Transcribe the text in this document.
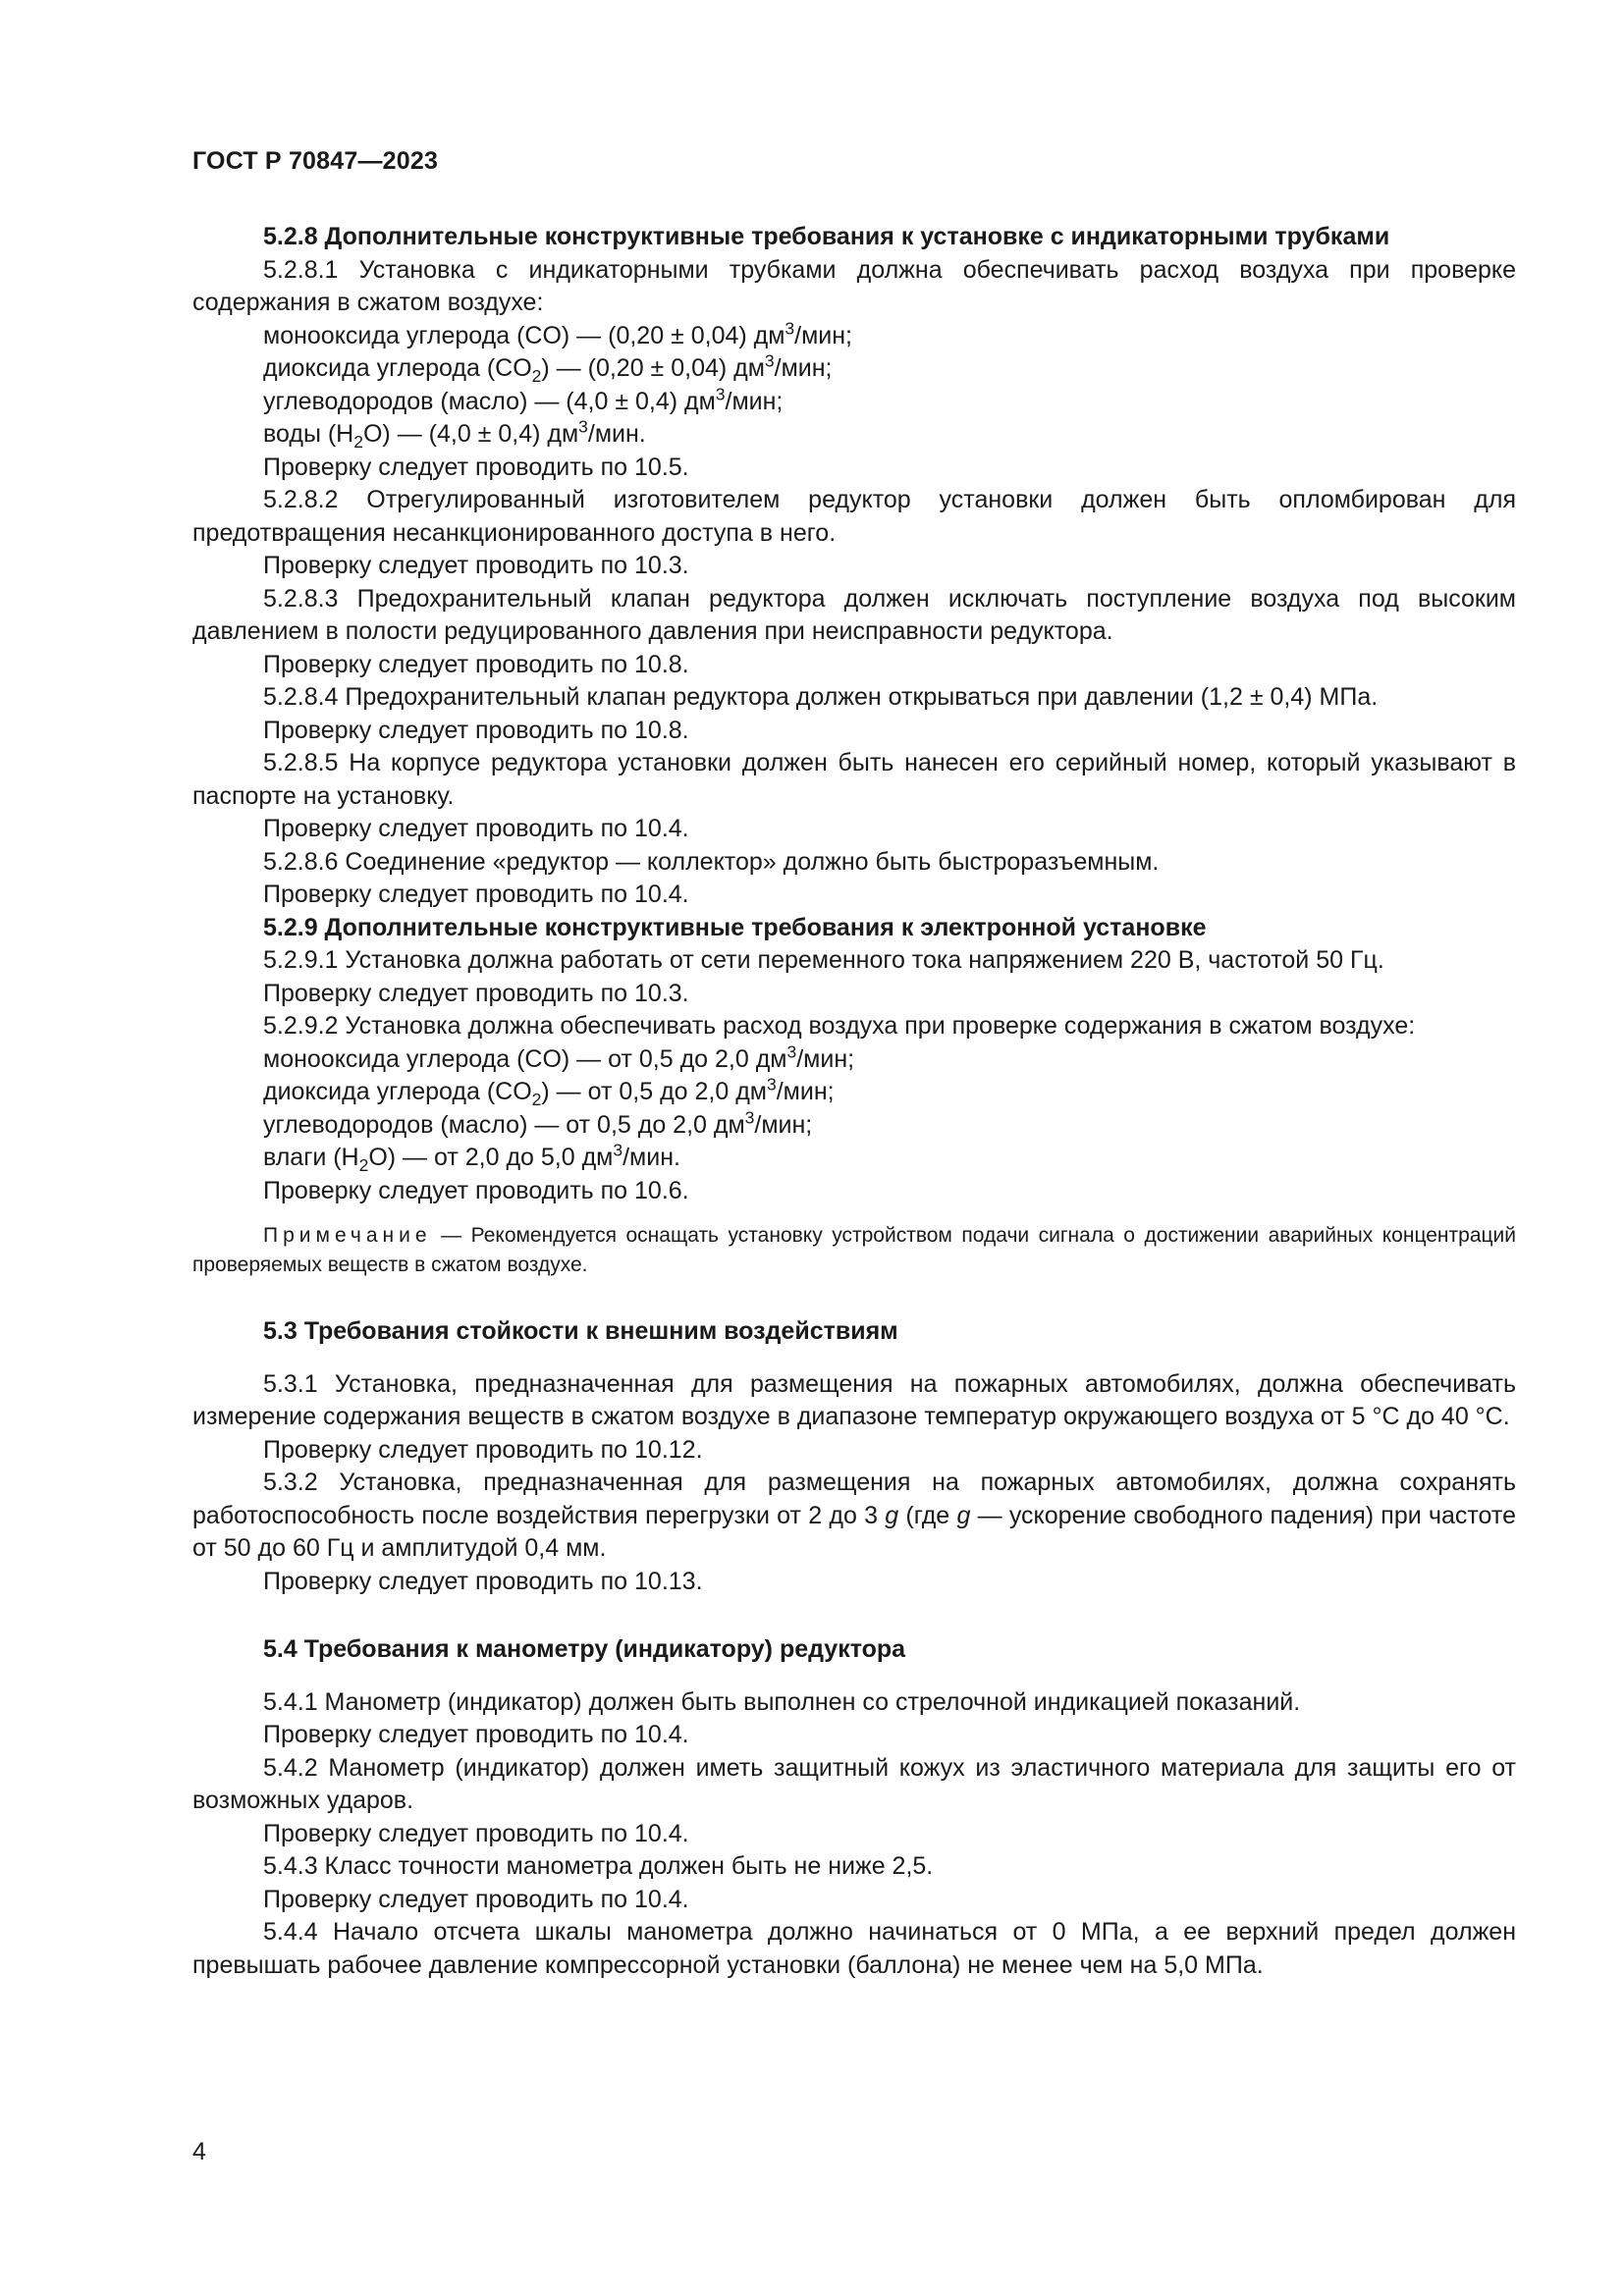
ГОСТ Р 70847—2023

5.2.8 Дополнительные конструктивные требования к установке с индикаторными трубками

5.2.8.1 Установка с индикаторными трубками должна обеспечивать расход воздуха при проверке содержания в сжатом воздухе:

монооксида углерода (CO) — (0,20 ± 0,04) $дм^3$/мин;

диоксида углерода $(CO_2)$ — (0,20 ± 0,04) $дм^3$/мин;

углеводородов (масло) — (4,0 ± 0,4) $дм^3$/мин;

воды $(H_2O)$ — (4,0 ± 0,4) $дм^3$/мин.

Проверку следует проводить по 10.5.

5.2.8.2 Отрегулированный изготовителем редуктор установки должен быть опломбирован для предотвращения несанкционированного доступа в него.

Проверку следует проводить по 10.3.

5.2.8.3 Предохранительный клапан редуктора должен исключать поступление воздуха под высоким давлением в полости редуцированного давления при неисправности редуктора.

Проверку следует проводить по 10.8.

5.2.8.4 Предохранительный клапан редуктора должен открываться при давлении (1,2 ± 0,4) МПа.

Проверку следует проводить по 10.8.

5.2.8.5 На корпусе редуктора установки должен быть нанесен его серийный номер, который указывают в паспорте на установку.

Проверку следует проводить по 10.4.

5.2.8.6 Соединение «редуктор — коллектор» должно быть быстроразъемным.

Проверку следует проводить по 10.4.

5.2.9 Дополнительные конструктивные требования к электронной установке

5.2.9.1 Установка должна работать от сети переменного тока напряжением 220 В, частотой 50 Гц.

Проверку следует проводить по 10.3.

5.2.9.2 Установка должна обеспечивать расход воздуха при проверке содержания в сжатом воздухе:

монооксида углерода (CO) — от 0,5 до 2,0 $дм^3$/мин;

диоксида углерода $(CO_2)$ — от 0,5 до 2,0 $дм^3$/мин;

углеводородов (масло) — от 0,5 до 2,0 $дм^3$/мин;

влаги $(H_2O)$ — от 2,0 до 5,0 $дм^3$/мин.

Проверку следует проводить по 10.6.

Примечание — Рекомендуется оснащать установку устройством подачи сигнала о достижении аварийных концентраций проверяемых веществ в сжатом воздухе.

5.3 Требования стойкости к внешним воздействиям

5.3.1 Установка, предназначенная для размещения на пожарных автомобилях, должна обеспечивать измерение содержания веществ в сжатом воздухе в диапазоне температур окружающего воздуха от 5 °С до 40 °С.

Проверку следует проводить по 10.12.

5.3.2 Установка, предназначенная для размещения на пожарных автомобилях, должна сохранять работоспособность после воздействия перегрузки от 2 до 3 g (где g — ускорение свободного падения) при частоте от 50 до 60 Гц и амплитудой 0,4 мм.

Проверку следует проводить по 10.13.

5.4 Требования к манометру (индикатору) редуктора

5.4.1 Манометр (индикатор) должен быть выполнен со стрелочной индикацией показаний.

Проверку следует проводить по 10.4.

5.4.2 Манометр (индикатор) должен иметь защитный кожух из эластичного материала для защиты его от возможных ударов.

Проверку следует проводить по 10.4.

5.4.3 Класс точности манометра должен быть не ниже 2,5.

Проверку следует проводить по 10.4.

5.4.4 Начало отсчета шкалы манометра должно начинаться от 0 МПа, а ее верхний предел должен превышать рабочее давление компрессорной установки (баллона) не менее чем на 5,0 МПа.

4
